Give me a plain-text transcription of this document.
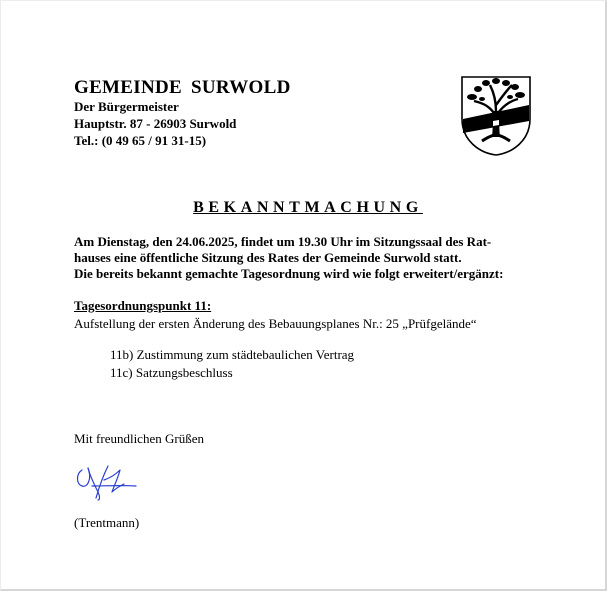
GEMEINDE SURWOLD
Der Bürgermeister
Hauptstr. 87 - 26903 Surwold
Tel.: (0 49 65 / 91 31-15)
BEKANNTMACHUNG
Am Dienstag, den 24.06.2025, findet um 19.30 Uhr im Sitzungssaal des Rat-
hauses eine öffentliche Sitzung des Rates der Gemeinde Surwold statt.
Die bereits bekannt gemachte Tagesordnung wird wie folgt erweitert/ergänzt:
Tagesordnungspunkt 11:
Aufstellung der ersten Änderung des Bebauungsplanes Nr.: 25 „Prüfgelände“
11b) Zustimmung zum städtebaulichen Vertrag
11c) Satzungsbeschluss
Mit freundlichen Grüßen
(Trentmann)
